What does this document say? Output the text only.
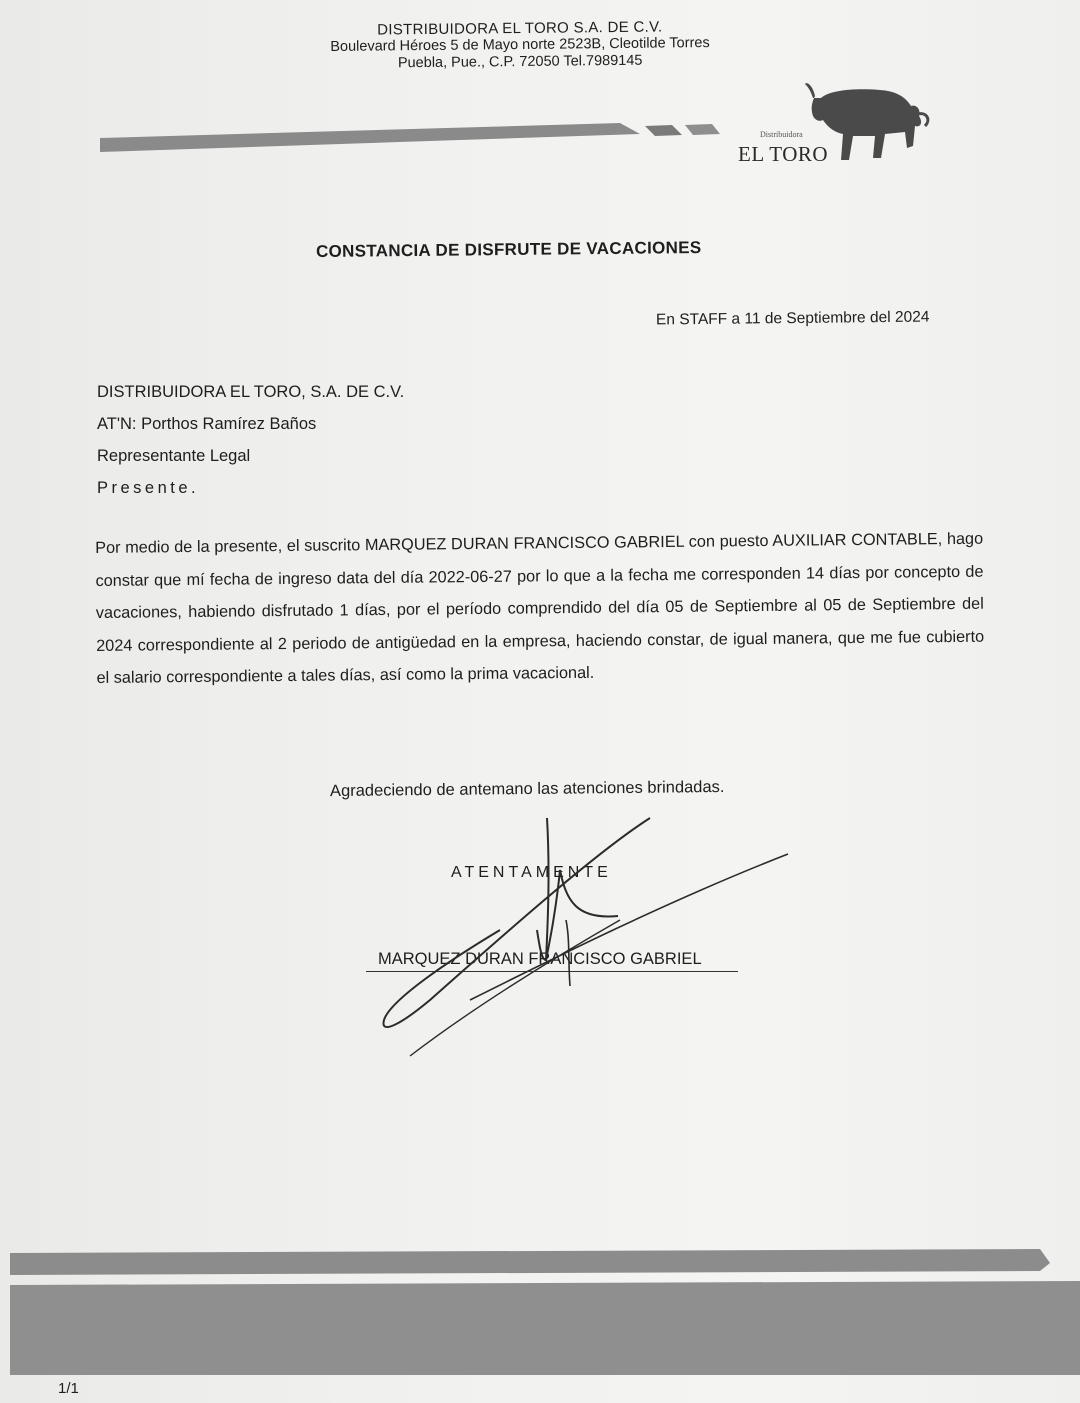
DISTRIBUIDORA EL TORO S.A. DE C.V.
Boulevard Héroes 5 de Mayo norte 2523B, Cleotilde Torres
Puebla, Pue., C.P. 72050 Tel.7989145
Distribuidora
EL TORO
CONSTANCIA DE DISFRUTE DE VACACIONES
En STAFF a 11 de Septiembre del 2024
DISTRIBUIDORA EL TORO, S.A. DE C.V.
AT'N: Porthos Ramírez Baños
Representante Legal
Presente.
Por medio de la presente, el suscrito MARQUEZ DURAN FRANCISCO GABRIEL con puesto AUXILIAR CONTABLE, hago constar que mí fecha de ingreso data del día 2022-06-27 por lo que a la fecha me corresponden 14 días por concepto de vacaciones, habiendo disfrutado 1 días, por el período comprendido del día 05 de Septiembre al 05 de Septiembre del 2024 correspondiente al 2 periodo de antigüedad en la empresa, haciendo constar, de igual manera, que me fue cubierto el salario correspondiente a tales días, así como la prima vacacional.
Agradeciendo de antemano las atenciones brindadas.
ATENTAMENTE
MARQUEZ DURAN FRANCISCO GABRIEL
1/1
